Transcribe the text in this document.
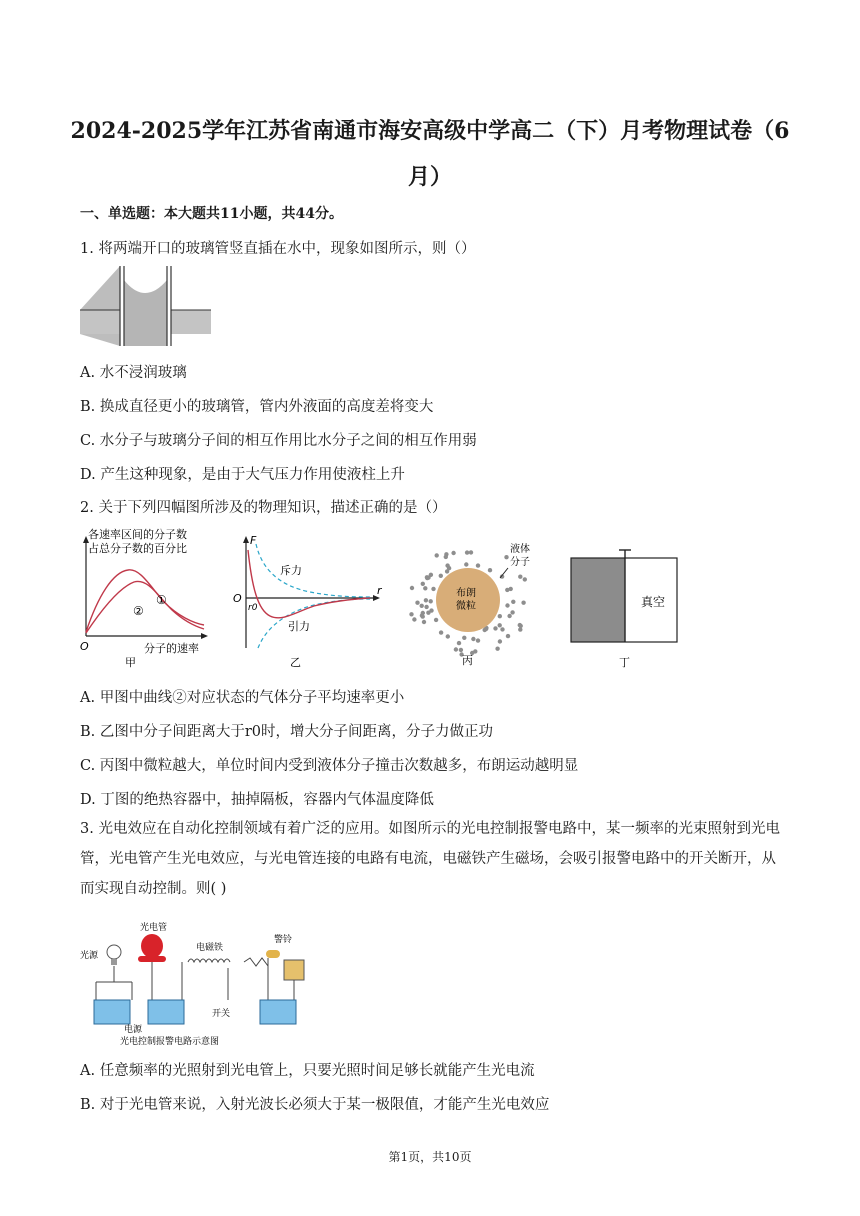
2024-2025学年江苏省南通市海安高级中学高二（下）月考物理试卷（6月）
一、单选题：本大题共11小题，共44分。
1. 将两端开口的玻璃管竖直插在水中，现象如图所示，则（）
A. 水不浸润玻璃
B. 换成直径更小的玻璃管，管内外液面的高度差将变大
C. 水分子与玻璃分子间的相互作用比水分子之间的相互作用弱
D. 产生这种现象，是由于大气压力作用使液柱上升
2. 关于下列四幅图所涉及的物理知识，描述正确的是（）
各速率区间的分子数
占总分子数的百分比
①
②
O	分子的速率
甲
F
r
O
r0
斥力
引力
乙
布朗
微粒
液体
分子
丙
真空
丁
A. 甲图中曲线②对应状态的气体分子平均速率更小
B. 乙图中分子间距离大于r0时，增大分子间距离，分子力做正功
C. 丙图中微粒越大，单位时间内受到液体分子撞击次数越多，布朗运动越明显
D. 丁图的绝热容器中，抽掉隔板，容器内气体温度降低
3. 光电效应在自动化控制领域有着广泛的应用。如图所示的光电控制报警电路中，某一频率的光束照射到光电管，光电管产生光电效应，与光电管连接的电路有电流，电磁铁产生磁场，会吸引报警电路中的开关断开，从而实现自动控制。则( )
光源
光电管
电磁铁
警铃
开关
电源
光电控制报警电路示意图
A. 任意频率的光照射到光电管上，只要光照时间足够长就能产生光电流
B. 对于光电管来说，入射光波长必须大于某一极限值，才能产生光电效应
第1页，共10页
